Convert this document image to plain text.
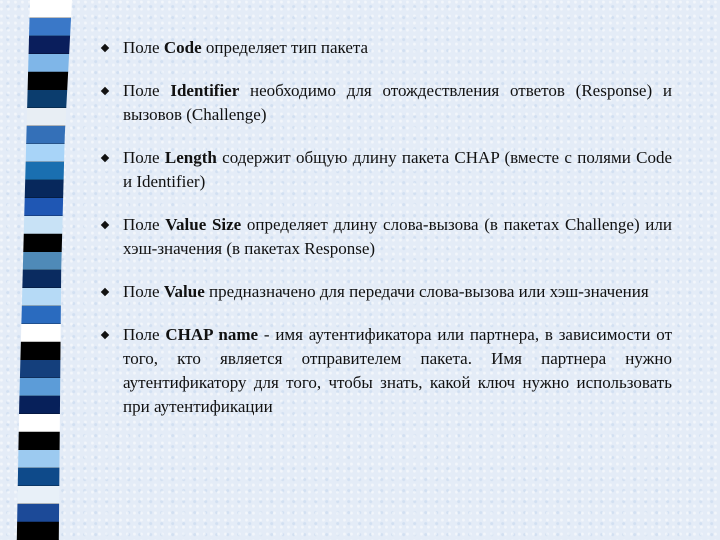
Поле Code определяет тип пакета
Поле Identifier необходимо для отождествления ответов (Response) и вызовов (Challenge)
Поле Length содержит общую длину пакета CHAP (вместе с полями Code и Identifier)
Поле Value Size определяет длину слова-вызова (в пакетах Challenge) или хэш-значения (в пакетах Response)
Поле Value предназначено для передачи слова-вызова или хэш-значения
Поле CHAP name - имя аутентификатора или партнера, в зависимости от того, кто является отправителем пакета. Имя партнера нужно аутентификатору для того, чтобы знать, какой ключ нужно использовать при аутентификации
